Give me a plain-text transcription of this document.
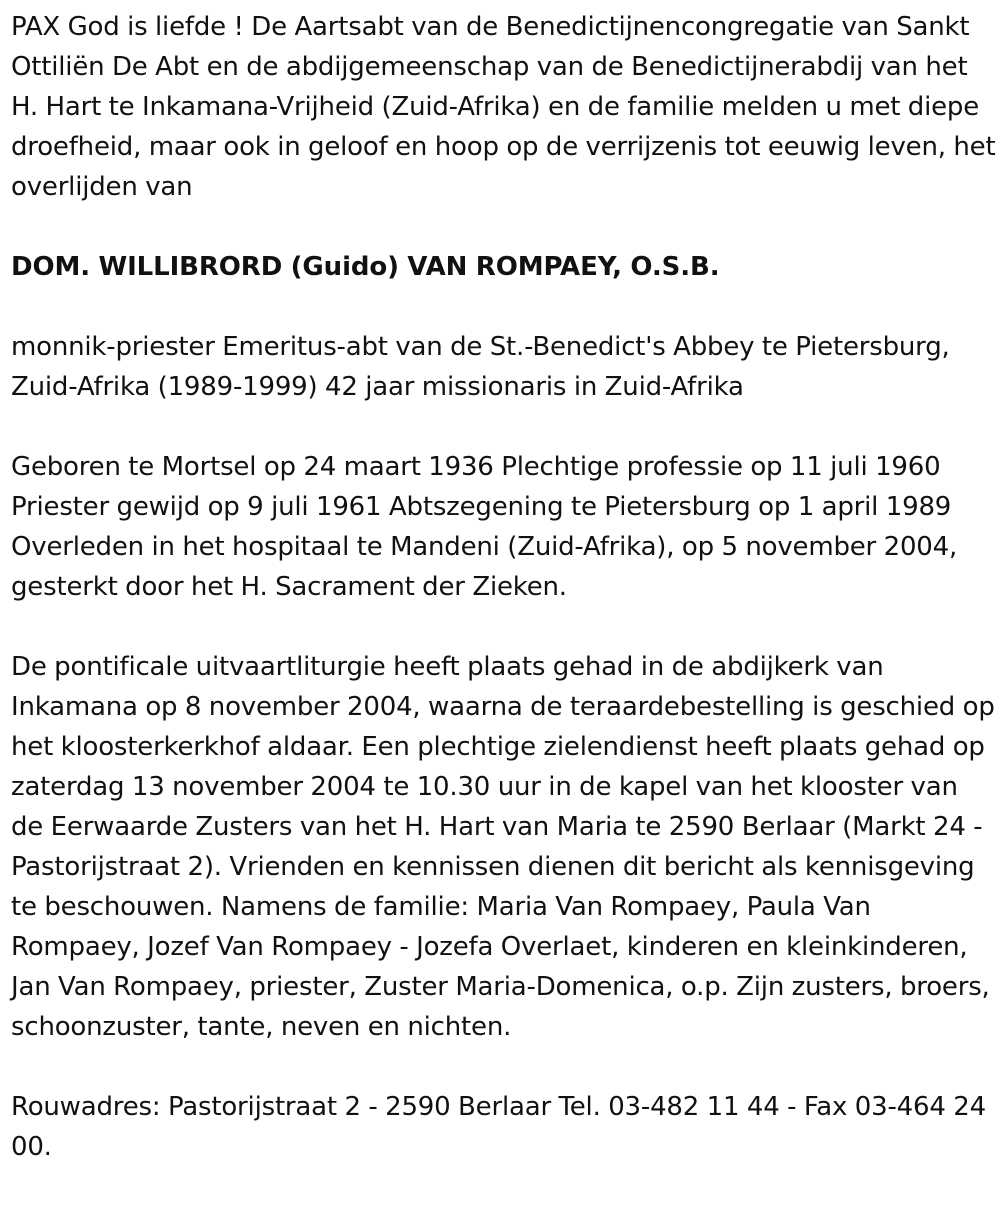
PAX God is liefde ! De Aartsabt van de Benedictijnencongregatie van Sankt Ottiliën De Abt en de abdijgemeenschap van de Benedictijnerabdij van het H. Hart te Inkamana-Vrijheid (Zuid-Afrika) en de familie melden u met diepe droefheid, maar ook in geloof en hoop op de verrijzenis tot eeuwig leven, het overlijden van

DOM. WILLIBRORD (Guido) VAN ROMPAEY, O.S.B.

monnik-priester Emeritus-abt van de St.-Benedict's Abbey te Pietersburg, Zuid-Afrika (1989-1999) 42 jaar missionaris in Zuid-Afrika

Geboren te Mortsel op 24 maart 1936 Plechtige professie op 11 juli 1960 Priester gewijd op 9 juli 1961 Abtszegening te Pietersburg op 1 april 1989 Overleden in het hospitaal te Mandeni (Zuid-Afrika), op 5 november 2004, gesterkt door het H. Sacrament der Zieken.

De pontificale uitvaartliturgie heeft plaats gehad in de abdijkerk van Inkamana op 8 november 2004, waarna de teraardebestelling is geschied op het kloosterkerkhof aldaar. Een plechtige zielendienst heeft plaats gehad op zaterdag 13 november 2004 te 10.30 uur in de kapel van het klooster van de Eerwaarde Zusters van het H. Hart van Maria te 2590 Berlaar (Markt 24 - Pastorijstraat 2). Vrienden en kennissen dienen dit bericht als kennisgeving te beschouwen. Namens de familie: Maria Van Rompaey, Paula Van Rompaey, Jozef Van Rompaey - Jozefa Overlaet, kinderen en kleinkinderen, Jan Van Rompaey, priester, Zuster Maria-Domenica, o.p. Zijn zusters, broers, schoonzuster, tante, neven en nichten.

Rouwadres: Pastorijstraat 2 - 2590 Berlaar Tel. 03-482 11 44 - Fax 03-464 24 00.
